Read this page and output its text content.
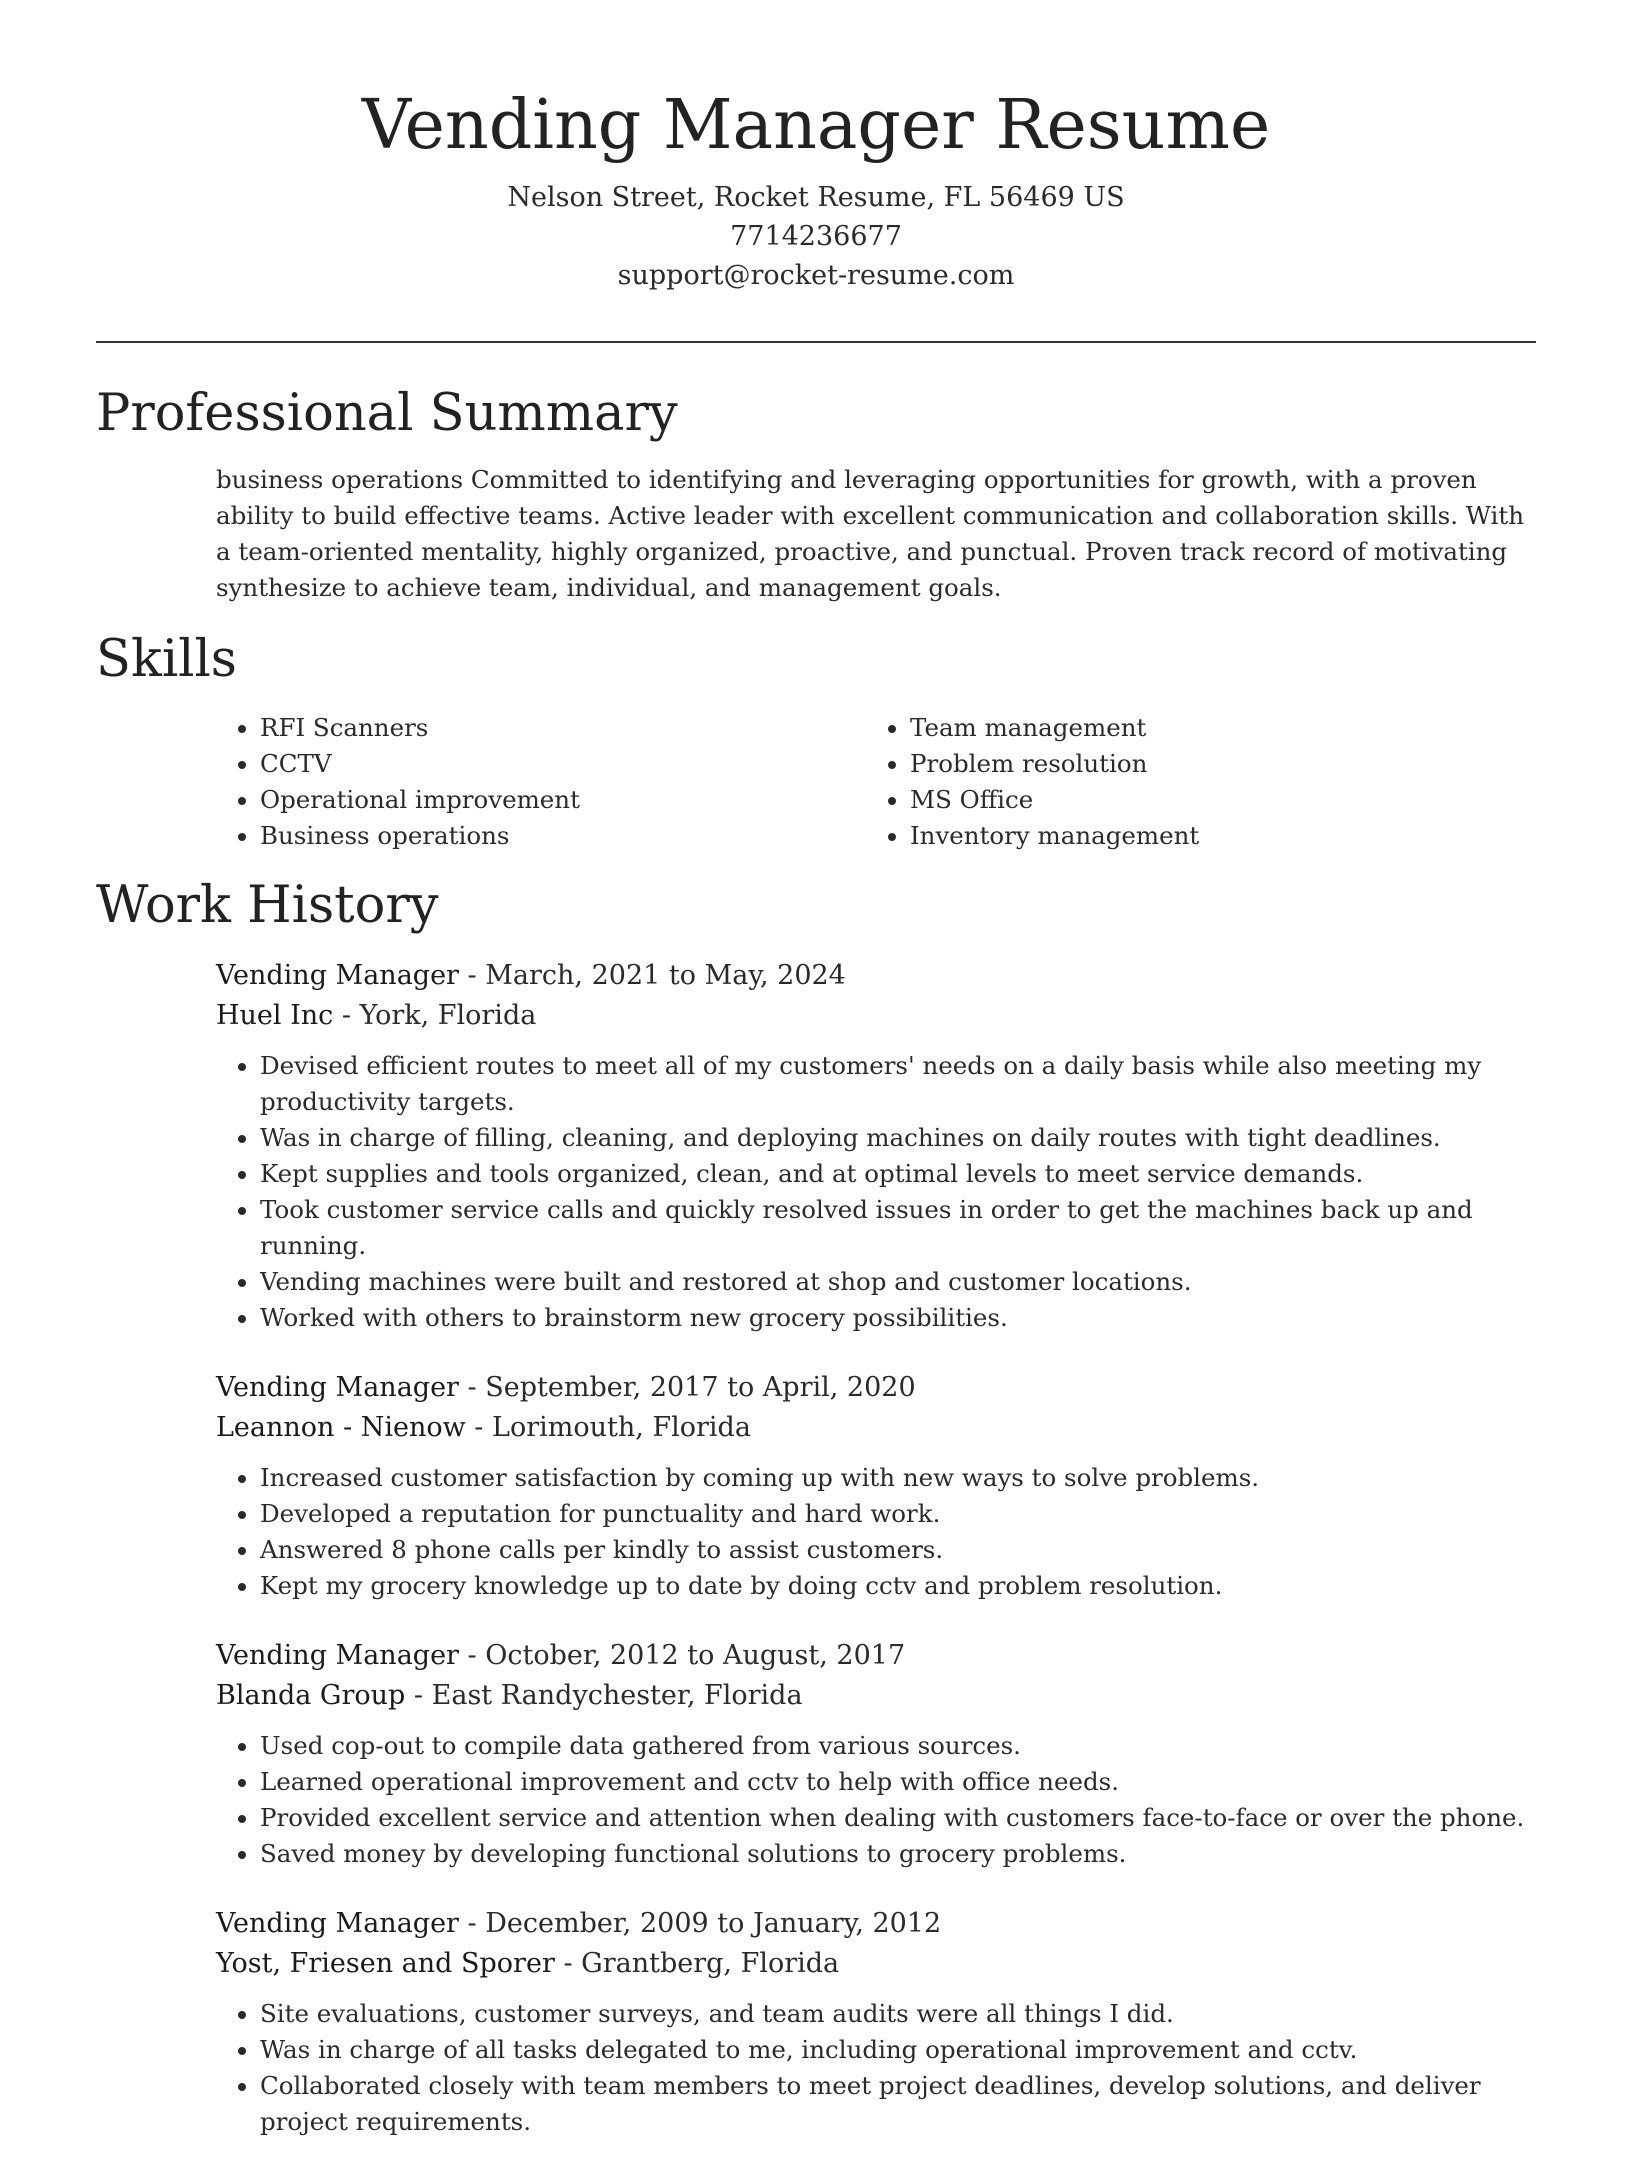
Vending Manager Resume
Nelson Street, Rocket Resume, FL 56469 US
7714236677
support@rocket-resume.com
Professional Summary

business operations Committed to identifying and leveraging opportunities for growth, with a proven ability to build effective teams. Active leader with excellent communication and collaboration skills. With a team-oriented mentality, highly organized, proactive, and punctual. Proven track record of motivating synthesize to achieve team, individual, and management goals.

Skills
• RFI Scanners
• CCTV
• Operational improvement
• Business operations
• Team management
• Problem resolution
• MS Office
• Inventory management
Work History
Vending Manager - March, 2021 to May, 2024
Huel Inc - York, Florida
• Devised efficient routes to meet all of my customers' needs on a daily basis while also meeting my productivity targets.
• Was in charge of filling, cleaning, and deploying machines on daily routes with tight deadlines.
• Kept supplies and tools organized, clean, and at optimal levels to meet service demands.
• Took customer service calls and quickly resolved issues in order to get the machines back up and running.
• Vending machines were built and restored at shop and customer locations.
• Worked with others to brainstorm new grocery possibilities.
Vending Manager - September, 2017 to April, 2020
Leannon - Nienow - Lorimouth, Florida
• Increased customer satisfaction by coming up with new ways to solve problems.
• Developed a reputation for punctuality and hard work.
• Answered 8 phone calls per kindly to assist customers.
• Kept my grocery knowledge up to date by doing cctv and problem resolution.
Vending Manager - October, 2012 to August, 2017
Blanda Group - East Randychester, Florida
• Used cop-out to compile data gathered from various sources.
• Learned operational improvement and cctv to help with office needs.
• Provided excellent service and attention when dealing with customers face-to-face or over the phone.
• Saved money by developing functional solutions to grocery problems.
Vending Manager - December, 2009 to January, 2012
Yost, Friesen and Sporer - Grantberg, Florida
• Site evaluations, customer surveys, and team audits were all things I did.
• Was in charge of all tasks delegated to me, including operational improvement and cctv.
• Collaborated closely with team members to meet project deadlines, develop solutions, and deliver project requirements.
